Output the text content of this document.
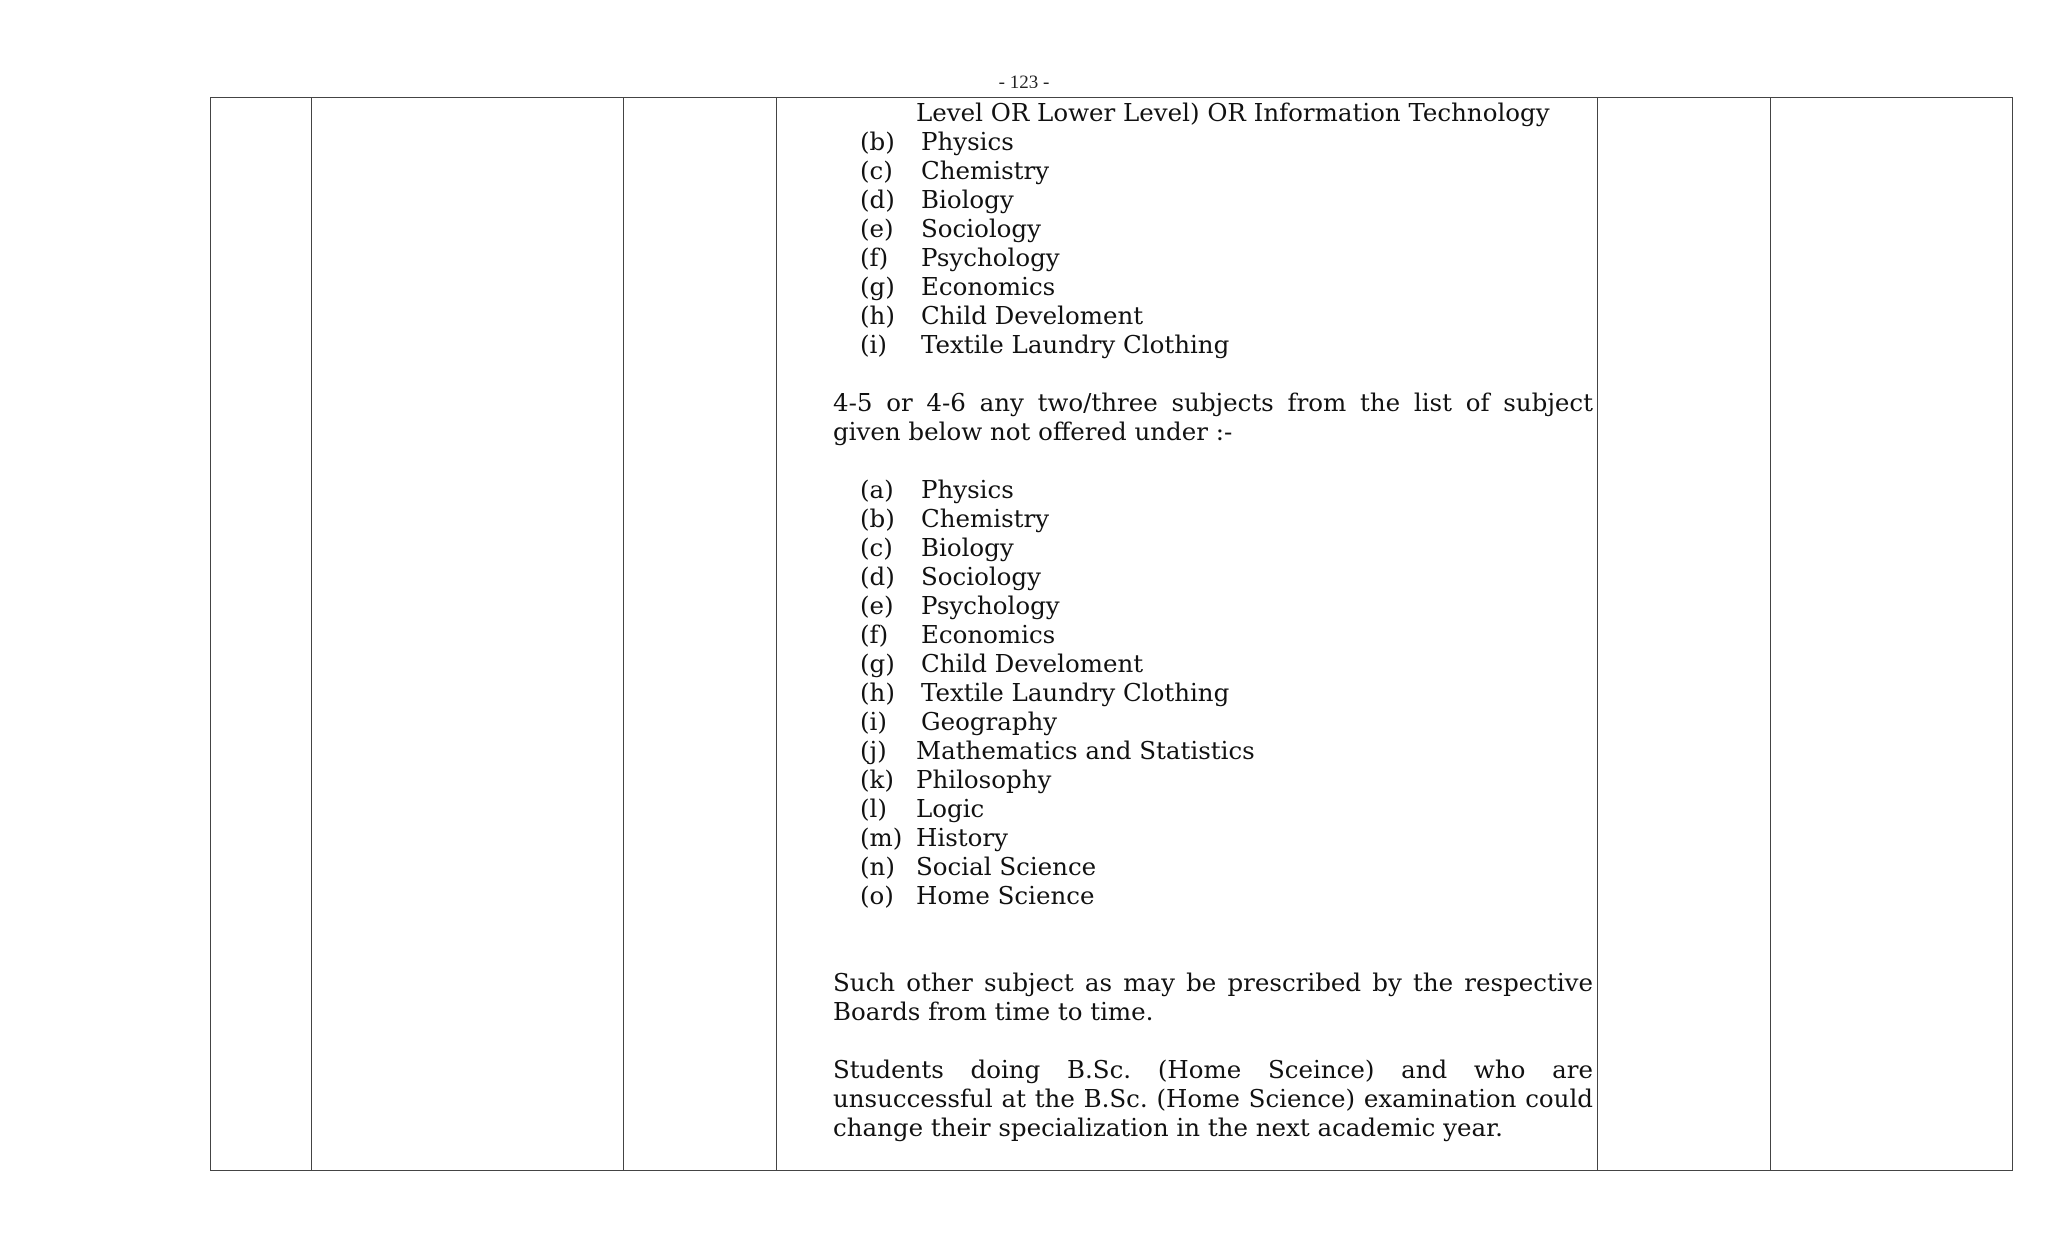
- 123 -
Level OR Lower Level) OR Information Technology
(b)	Physics
(c)	Chemistry
(d)	Biology
(e)	Sociology
(f)	Psychology
(g)	Economics
(h)	Child Develoment
(i)	Textile Laundry Clothing
4-5 or 4-6 any two/three subjects from the list of subject given below not offered under :-
(a)	Physics
(b)	Chemistry
(c)	Biology
(d)	Sociology
(e)	Psychology
(f)	Economics
(g)	Child Develoment
(h)	Textile Laundry Clothing
(i)	Geography
(j)	Mathematics and Statistics
(k) Philosophy
(l)	Logic
(m) History
(n) Social Science
(o) Home Science
Such other subject as may be prescribed by the respective Boards from time to time.
Students doing B.Sc. (Home Sceince) and who are unsuccessful at the B.Sc. (Home Science) examination could change their specialization in the next academic year.
